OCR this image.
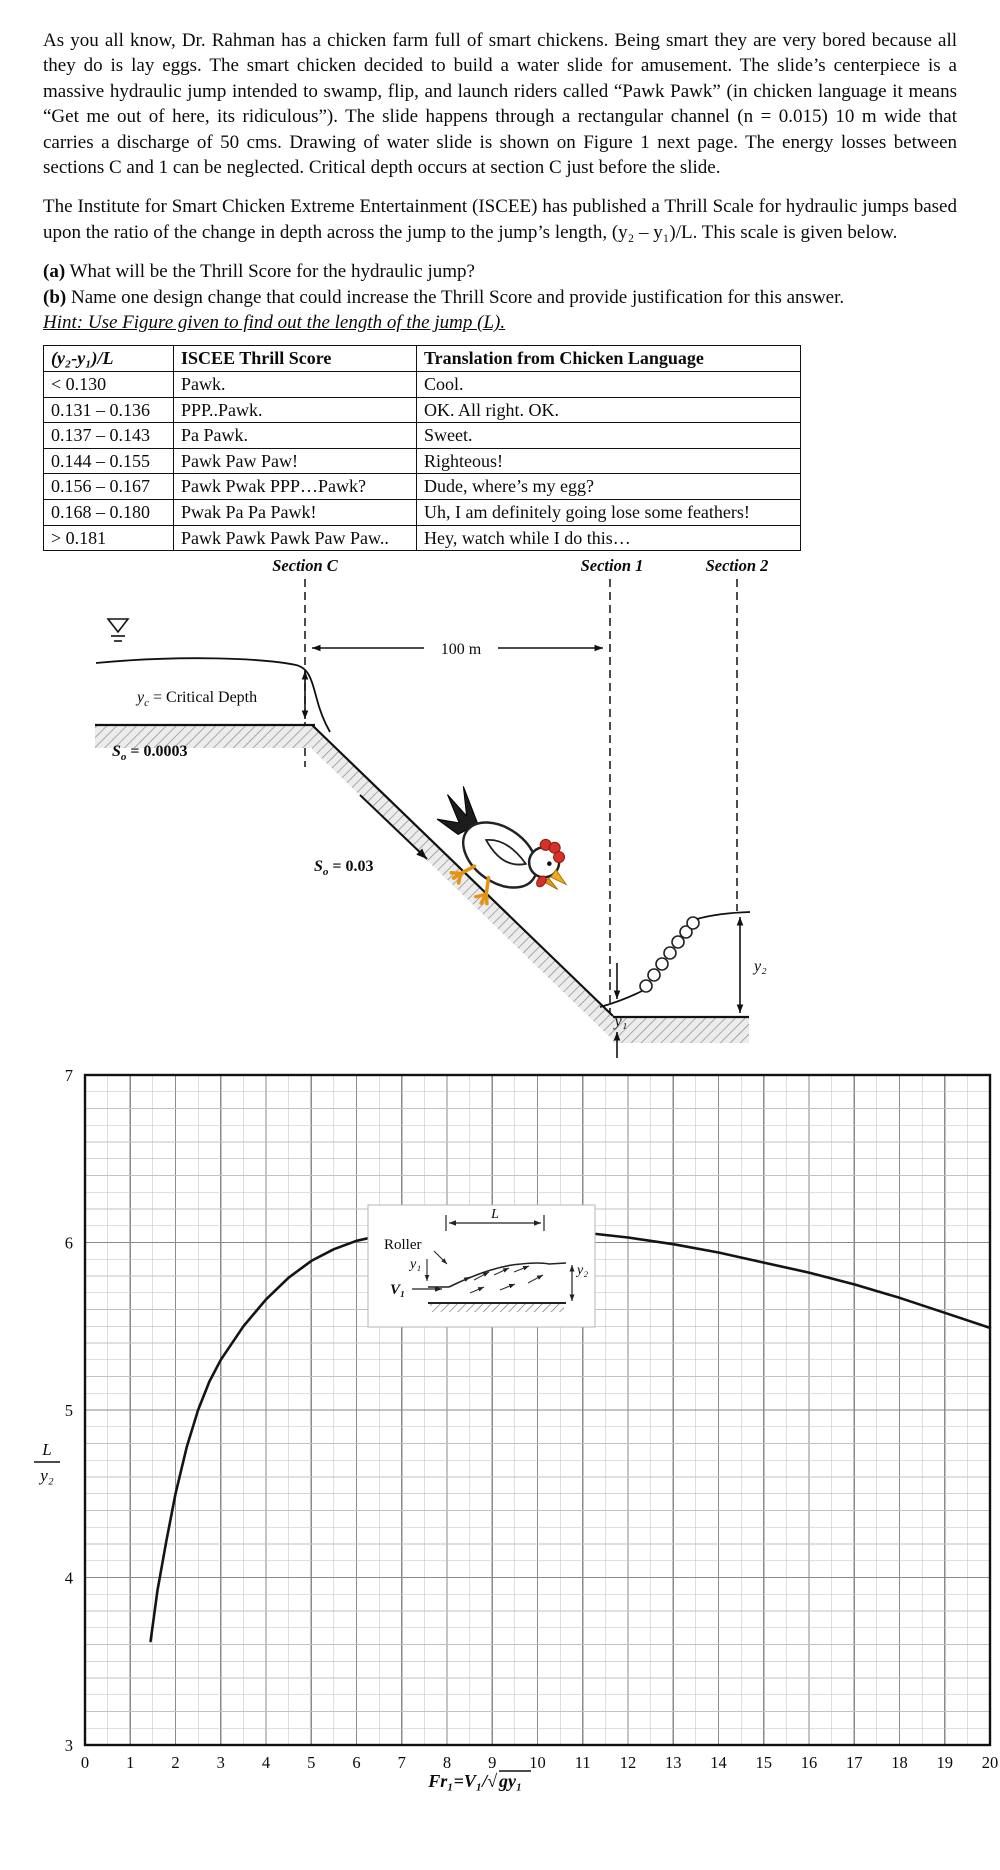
As you all know, Dr. Rahman has a chicken farm full of smart chickens. Being smart they are very bored because all they do is lay eggs. The smart chicken decided to build a water slide for amusement. The slide’s centerpiece is a massive hydraulic jump intended to swamp, flip, and launch riders called “Pawk Pawk” (in chicken language it means “Get me out of here, its ridiculous”). The slide happens through a rectangular channel (n = 0.015) 10 m wide that carries a discharge of 50 cms. Drawing of water slide is shown on Figure 1 next page. The energy losses between sections C and 1 can be neglected. Critical depth occurs at section C just before the slide.

The Institute for Smart Chicken Extreme Entertainment (ISCEE) has published a Thrill Scale for hydraulic jumps based upon the ratio of the change in depth across the jump to the jump’s length, (y₂ – y₁)/L. This scale is given below.

(a) What will be the Thrill Score for the hydraulic jump?
(b) Name one design change that could increase the Thrill Score and provide justification for this answer.
Hint: Use Figure given to find out the length of the jump (L).
(y₂-y₁)/L	ISCEE Thrill Score	Translation from Chicken Language
< 0.130	Pawk.	Cool.
0.131 – 0.136	PPP..Pawk.	OK. All right. OK.
0.137 – 0.143	Pa Pawk.	Sweet.
0.144 – 0.155	Pawk Paw Paw!	Righteous!
0.156 – 0.167	Pawk Pwak PPP…Pawk?	Dude, where’s my egg?
0.168 – 0.180	Pwak Pa Pa Pawk!	Uh, I am definitely going lose some feathers!
> 0.181	Pawk Pawk Pawk Paw Paw..	Hey, watch while I do this…
Section C	Section 1	Section 2
100 m
$y_c$ = Critical Depth
$S_o = 0.0003$
$S_o = 0.03$
y₁
y₂
0 1 2 3 4 5 6 7 8 9 10 11 12 13 14 15 16 17 18 19 20
3
4
5
6
7
L
y₂
Fr₁=V₁/√ gy₁
L
Roller
y₁
V₁
y₂
